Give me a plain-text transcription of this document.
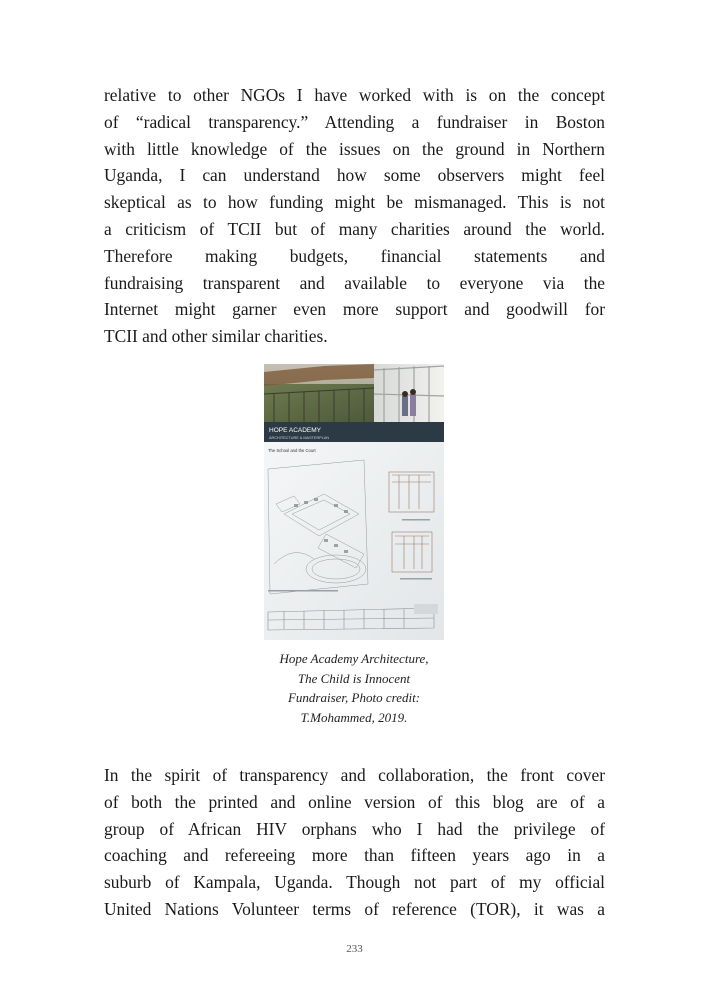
relative to other NGOs I have worked with is on the concept
of “radical transparency.” Attending a fundraiser in Boston
with little knowledge of the issues on the ground in Northern
Uganda, I can understand how some observers might feel
skeptical as to how funding might be mismanaged. This is not
a criticism of TCII but of many charities around the world.
Therefore making budgets, financial statements and
fundraising transparent and available to everyone via the
Internet might garner even more support and goodwill for
TCII and other similar charities.
HOPE ACADEMY
ARCHITECTURE & MASTERPLAN
The School and the Court
Hope Academy Architecture,
The Child is Innocent
Fundraiser, Photo credit:
T.Mohammed, 2019.
In the spirit of transparency and collaboration, the front cover
of both the printed and online version of this blog are of a
group of African HIV orphans who I had the privilege of
coaching and refereeing more than fifteen years ago in a
suburb of Kampala, Uganda. Though not part of my official
United Nations Volunteer terms of reference (TOR), it was a
233
